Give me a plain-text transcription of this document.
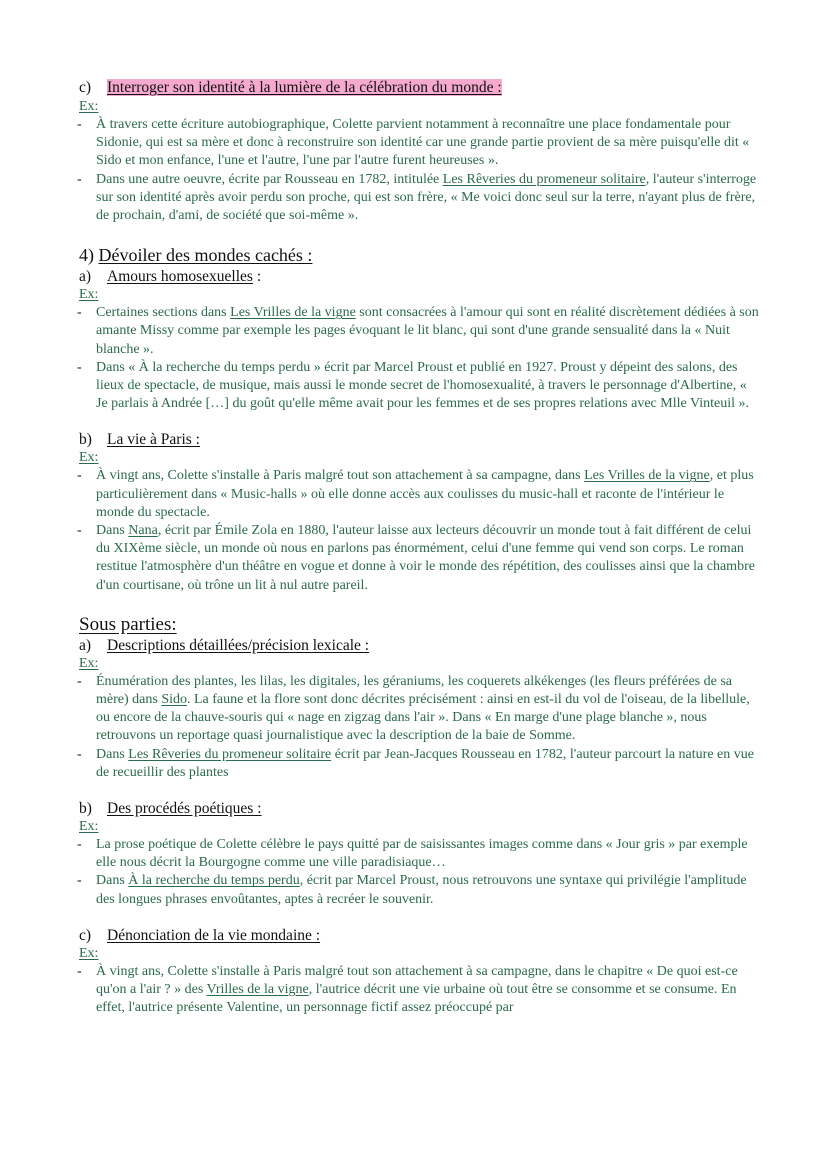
c) Interroger son identité à la lumière de la célébration du monde :

Ex:

- À travers cette écriture autobiographique, Colette parvient notamment à reconnaître une place fondamentale pour Sidonie, qui est sa mère et donc à reconstruire son identité car une grande partie provient de sa mère puisqu'elle dit « Sido et mon enfance, l'une et l'autre, l'une par l'autre furent heureuses ».

- Dans une autre oeuvre, écrite par Rousseau en 1782, intitulée Les Rêveries du promeneur solitaire, l'auteur s'interroge sur son identité après avoir perdu son proche, qui est son frère, « Me voici donc seul sur la terre, n'ayant plus de frère, de prochain, d'ami, de société que soi-même ».

4) Dévoiler des mondes cachés :

a) Amours homosexuelles :

Ex:

- Certaines sections dans Les Vrilles de la vigne sont consacrées à l'amour qui sont en réalité discrètement dédiées à son amante Missy comme par exemple les pages évoquant le lit blanc, qui sont d'une grande sensualité dans la « Nuit blanche ».

- Dans « À la recherche du temps perdu » écrit par Marcel Proust et publié en 1927. Proust y dépeint des salons, des lieux de spectacle, de musique, mais aussi le monde secret de l'homosexualité, à travers le personnage d'Albertine, « Je parlais à Andrée […] du goût qu'elle même avait pour les femmes et de ses propres relations avec Mlle Vinteuil ».

b) La vie à Paris :

Ex:

- À vingt ans, Colette s'installe à Paris malgré tout son attachement à sa campagne, dans Les Vrilles de la vigne, et plus particulièrement dans « Music-halls » où elle donne accès aux coulisses du music-hall et raconte de l'intérieur le monde du spectacle.

- Dans Nana, écrit par Émile Zola en 1880, l'auteur laisse aux lecteurs découvrir un monde tout à fait différent de celui du XIXème siècle, un monde où nous en parlons pas énormément, celui d'une femme qui vend son corps. Le roman restitue l'atmosphère d'un théâtre en vogue et donne à voir le monde des répétition, des coulisses ainsi que la chambre d'un courtisane, où trône un lit à nul autre pareil.

Sous parties:

a) Descriptions détaillées/précision lexicale :

Ex:

- Énumération des plantes, les lilas, les digitales, les géraniums, les coquerets alkékenges (les fleurs préférées de sa mère) dans Sido. La faune et la flore sont donc décrites précisément : ainsi en est-il du vol de l'oiseau, de la libellule, ou encore de la chauve-souris qui « nage en zigzag dans l'air ». Dans « En marge d'une plage blanche », nous retrouvons un reportage quasi journalistique avec la description de la baie de Somme.

- Dans Les Rêveries du promeneur solitaire écrit par Jean-Jacques Rousseau en 1782, l'auteur parcourt la nature en vue de recueillir des plantes

b) Des procédés poétiques :

Ex:

- La prose poétique de Colette célèbre le pays quitté par de saisissantes images comme dans « Jour gris » par exemple elle nous décrit la Bourgogne comme une ville paradisiaque…

- Dans À la recherche du temps perdu, écrit par Marcel Proust, nous retrouvons une syntaxe qui privilégie l'amplitude des longues phrases envoûtantes, aptes à recréer le souvenir.

c) Dénonciation de la vie mondaine :

Ex:

- À vingt ans, Colette s'installe à Paris malgré tout son attachement à sa campagne, dans le chapitre « De quoi est-ce qu'on a l'air ? » des Vrilles de la vigne, l'autrice décrit une vie urbaine où tout être se consomme et se consume. En effet, l'autrice présente Valentine, un personnage fictif assez préoccupé par
